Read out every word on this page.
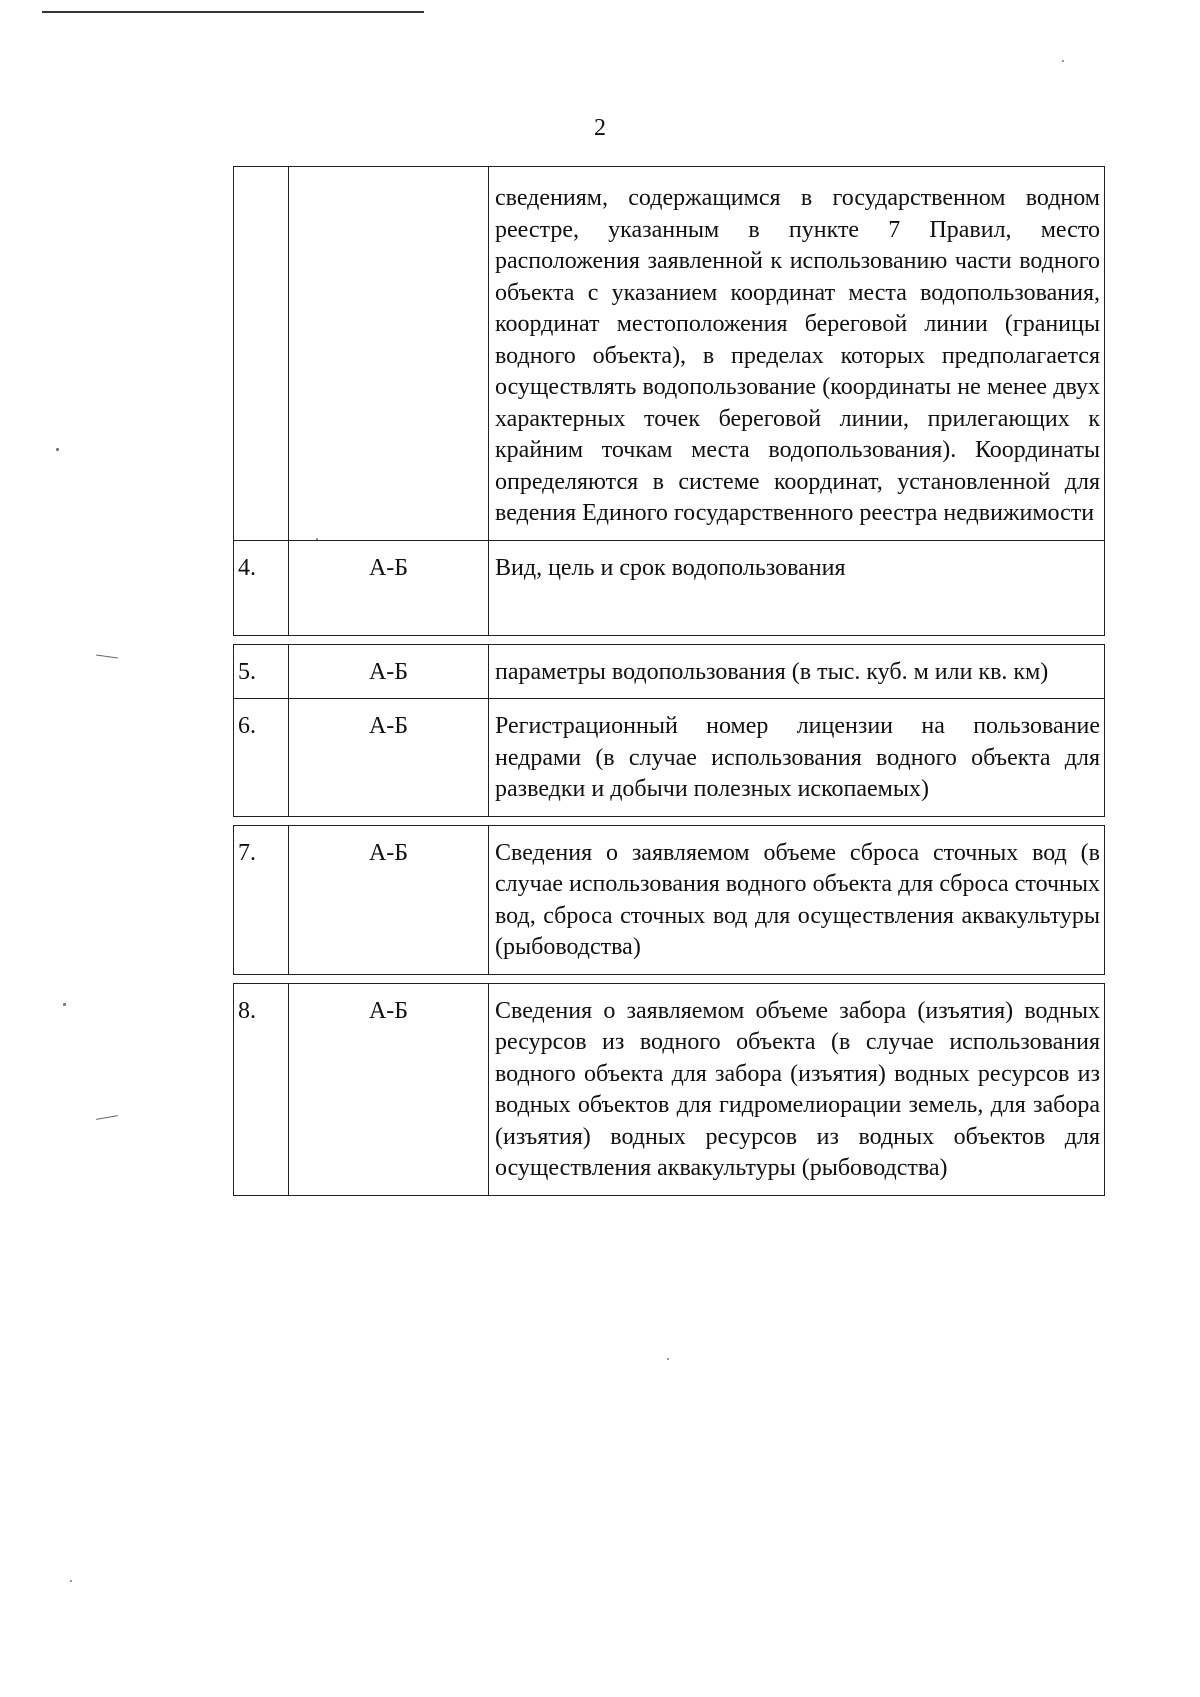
2
		сведениям, содержащимся в государственном водном реестре, указанным в пункте 7 Правил, место расположения заявленной к использованию части водного объекта с указанием координат места водопользования, координат местоположения береговой линии (границы водного объекта), в пределах которых предполагается осуществлять водопользование (координаты не менее двух характерных точек береговой линии, прилегающих к крайним точкам места водопользования). Координаты определяются в системе координат, установленной для ведения Единого государственного реестра недвижимости
4.	А-Б	Вид, цель и срок водопользования

5.	А-Б	параметры водопользования (в тыс. куб. м или кв. км)
6.	А-Б	Регистрационный номер лицензии на пользование недрами (в случае использования водного объекта для разведки и добычи полезных ископаемых)

7.	А-Б	Сведения о заявляемом объеме сброса сточных вод (в случае использования водного объекта для сброса сточных вод, сброса сточных вод для осуществления аквакультуры (рыбоводства)

8.	А-Б	Сведения о заявляемом объеме забора (изъятия) водных ресурсов из водного объекта (в случае использования водного объекта для забора (изъятия) водных ресурсов из водных объектов для гидромелиорации земель, для забора (изъятия) водных ресурсов из водных объектов для осуществления аквакультуры (рыбоводства)
